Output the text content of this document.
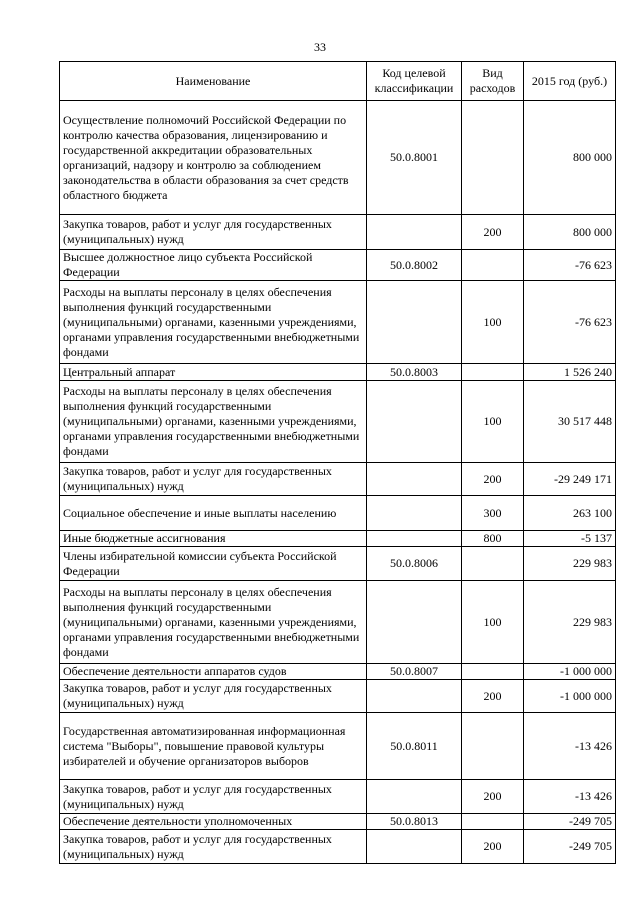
33
Наименование	Код целевой классификации	Вид расходов	2015 год (руб.)
Осуществление полномочий Российской Федерации по контролю качества образования, лицензированию и государственной аккредитации образовательных организаций, надзору и контролю за соблюдением законодательства в области образования за счет средств областного бюджета	50.0.8001		800 000
Закупка товаров, работ и услуг для государственных (муниципальных) нужд		200	800 000
Высшее должностное лицо субъекта Российской Федерации	50.0.8002		-76 623
Расходы на выплаты персоналу в целях обеспечения выполнения функций государственными (муниципальными) органами, казенными учреждениями, органами управления государственными внебюджетными фондами		100	-76 623
Центральный аппарат	50.0.8003		1 526 240
Расходы на выплаты персоналу в целях обеспечения выполнения функций государственными (муниципальными) органами, казенными учреждениями, органами управления государственными внебюджетными фондами		100	30 517 448
Закупка товаров, работ и услуг для государственных (муниципальных) нужд		200	-29 249 171
Социальное обеспечение и иные выплаты населению		300	263 100
Иные бюджетные ассигнования		800	-5 137
Члены избирательной комиссии субъекта Российской Федерации	50.0.8006		229 983
Расходы на выплаты персоналу в целях обеспечения выполнения функций государственными (муниципальными) органами, казенными учреждениями, органами управления государственными внебюджетными фондами		100	229 983
Обеспечение деятельности аппаратов судов	50.0.8007		-1 000 000
Закупка товаров, работ и услуг для государственных (муниципальных) нужд		200	-1 000 000
Государственная автоматизированная информационная система "Выборы", повышение правовой культуры избирателей и обучение организаторов выборов	50.0.8011		-13 426
Закупка товаров, работ и услуг для государственных (муниципальных) нужд		200	-13 426
Обеспечение деятельности уполномоченных	50.0.8013		-249 705
Закупка товаров, работ и услуг для государственных (муниципальных) нужд		200	-249 705
